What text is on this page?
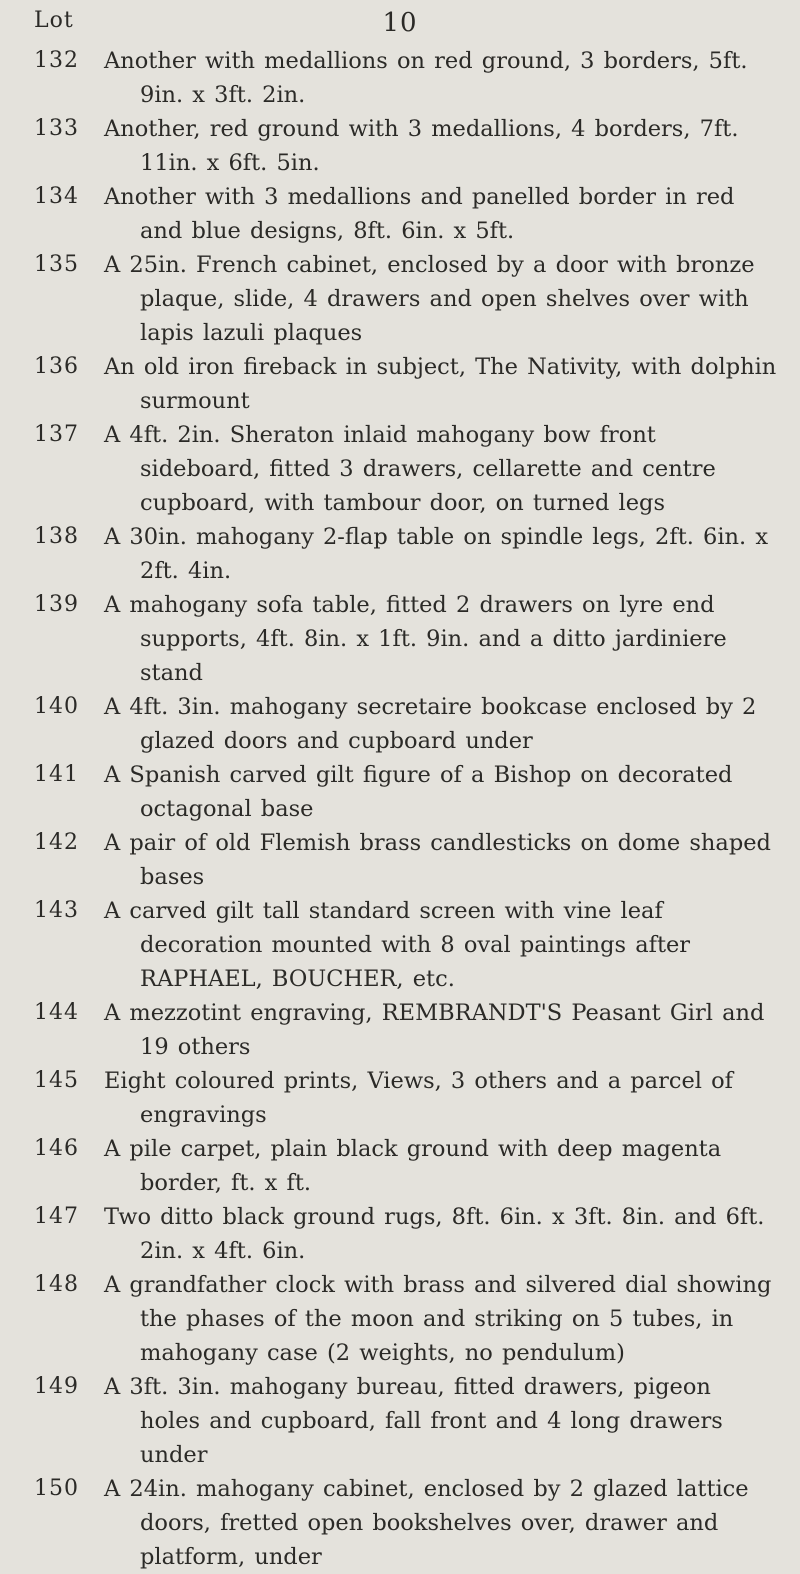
10
Lot
132 Another with medallions on red ground, 3 borders, 5ft. 9in. x 3ft. 2in.
133 Another, red ground with 3 medallions, 4 borders, 7ft. 11in. x 6ft. 5in.
134 Another with 3 medallions and panelled border in red and blue designs, 8ft. 6in. x 5ft.
135 A 25in. French cabinet, enclosed by a door with bronze plaque, slide, 4 drawers and open shelves over with lapis lazuli plaques
136 An old iron fireback in subject, The Nativity, with dolphin surmount
137 A 4ft. 2in. Sheraton inlaid mahogany bow front sideboard, fitted 3 drawers, cellarette and centre cupboard, with tambour door, on turned legs
138 A 30in. mahogany 2-flap table on spindle legs, 2ft. 6in. x 2ft. 4in.
139 A mahogany sofa table, fitted 2 drawers on lyre end supports, 4ft. 8in. x 1ft. 9in. and a ditto jardiniere stand
140 A 4ft. 3in. mahogany secretaire bookcase enclosed by 2 glazed doors and cupboard under
141 A Spanish carved gilt figure of a Bishop on decorated octagonal base
142 A pair of old Flemish brass candlesticks on dome shaped bases
143 A carved gilt tall standard screen with vine leaf decoration mounted with 8 oval paintings after RAPHAEL, BOUCHER, etc.
144 A mezzotint engraving, REMBRANDT'S Peasant Girl and 19 others
145 Eight coloured prints, Views, 3 others and a parcel of engravings
146 A pile carpet, plain black ground with deep magenta border, ft. x ft.
147 Two ditto black ground rugs, 8ft. 6in. x 3ft. 8in. and 6ft. 2in. x 4ft. 6in.
148 A grandfather clock with brass and silvered dial showing the phases of the moon and striking on 5 tubes, in mahogany case (2 weights, no pendulum)
149 A 3ft. 3in. mahogany bureau, fitted drawers, pigeon holes and cupboard, fall front and 4 long drawers under
150 A 24in. mahogany cabinet, enclosed by 2 glazed lattice doors, fretted open bookshelves over, drawer and platform, under
